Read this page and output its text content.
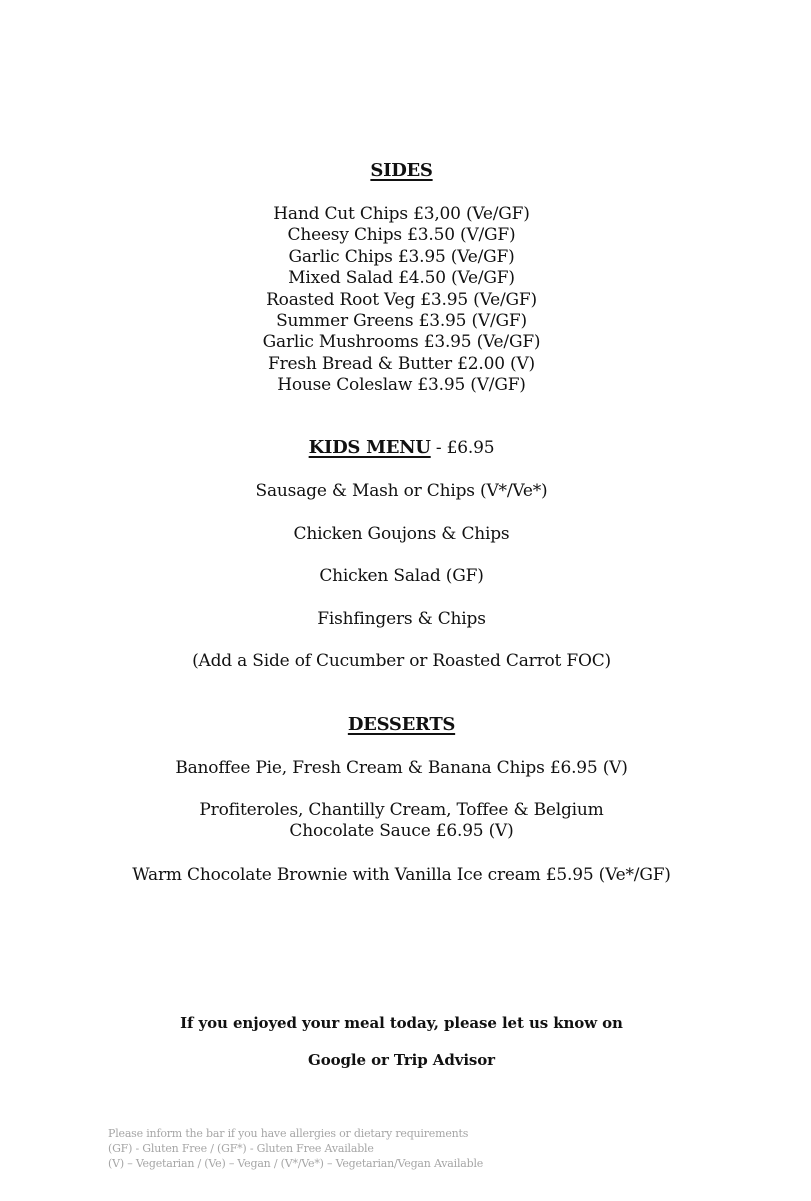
SIDES
Hand Cut Chips £3,00 (Ve/GF)
Cheesy Chips £3.50 (V/GF)
Garlic Chips £3.95 (Ve/GF)
Mixed Salad £4.50 (Ve/GF)
Roasted Root Veg £3.95 (Ve/GF)
Summer Greens £3.95 (V/GF)
Garlic Mushrooms £3.95 (Ve/GF)
Fresh Bread & Butter £2.00 (V)
House Coleslaw £3.95 (V/GF)
KIDS MENU - £6.95
Sausage & Mash or Chips (V*/Ve*)
Chicken Goujons & Chips
Chicken Salad (GF)
Fishfingers & Chips
(Add a Side of Cucumber or Roasted Carrot FOC)
DESSERTS
Banoffee Pie, Fresh Cream & Banana Chips £6.95 (V)
Profiteroles, Chantilly Cream, Toffee & Belgium
Chocolate Sauce £6.95 (V)
Warm Chocolate Brownie with Vanilla Ice cream £5.95 (Ve*/GF)
If you enjoyed your meal today, please let us know on
Google or Trip Advisor
Please inform the bar if you have allergies or dietary requirements
(GF) - Gluten Free / (GF*) - Gluten Free Available
(V) – Vegetarian / (Ve) – Vegan / (V*/Ve*) – Vegetarian/Vegan Available
